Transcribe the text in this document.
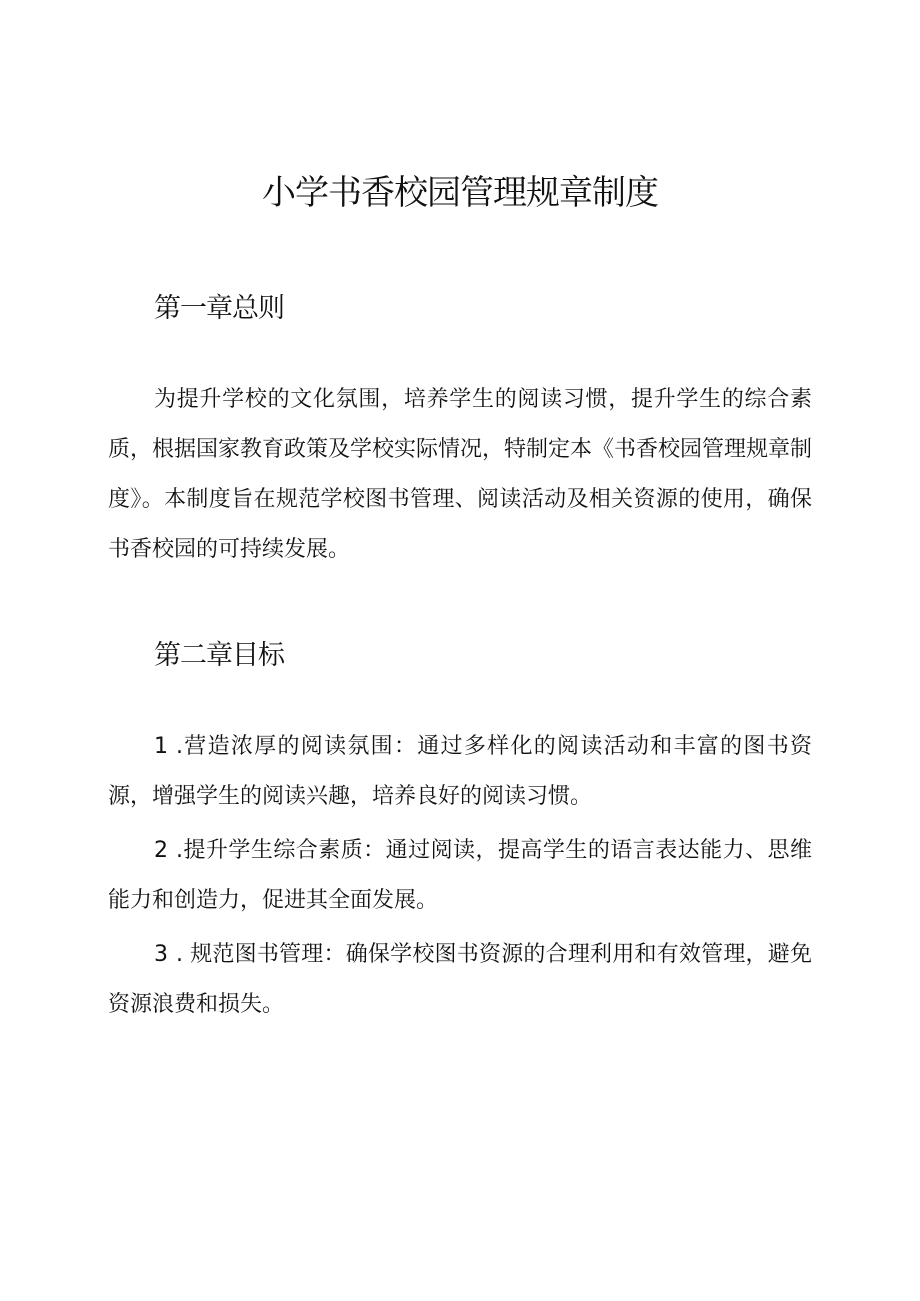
小学书香校园管理规章制度
第一章总则

为提升学校的文化氛围，培养学生的阅读习惯，提升学生的综合素质，根据国家教育政策及学校实际情况，特制定本《书香校园管理规章制度》。本制度旨在规范学校图书管理、阅读活动及相关资源的使用，确保书香校园的可持续发展。

第二章目标

1 .营造浓厚的阅读氛围：通过多样化的阅读活动和丰富的图书资源，增强学生的阅读兴趣，培养良好的阅读习惯。

2 .提升学生综合素质：通过阅读，提高学生的语言表达能力、思维能力和创造力，促进其全面发展。

3 . 规范图书管理：确保学校图书资源的合理利用和有效管理，避免资源浪费和损失。
